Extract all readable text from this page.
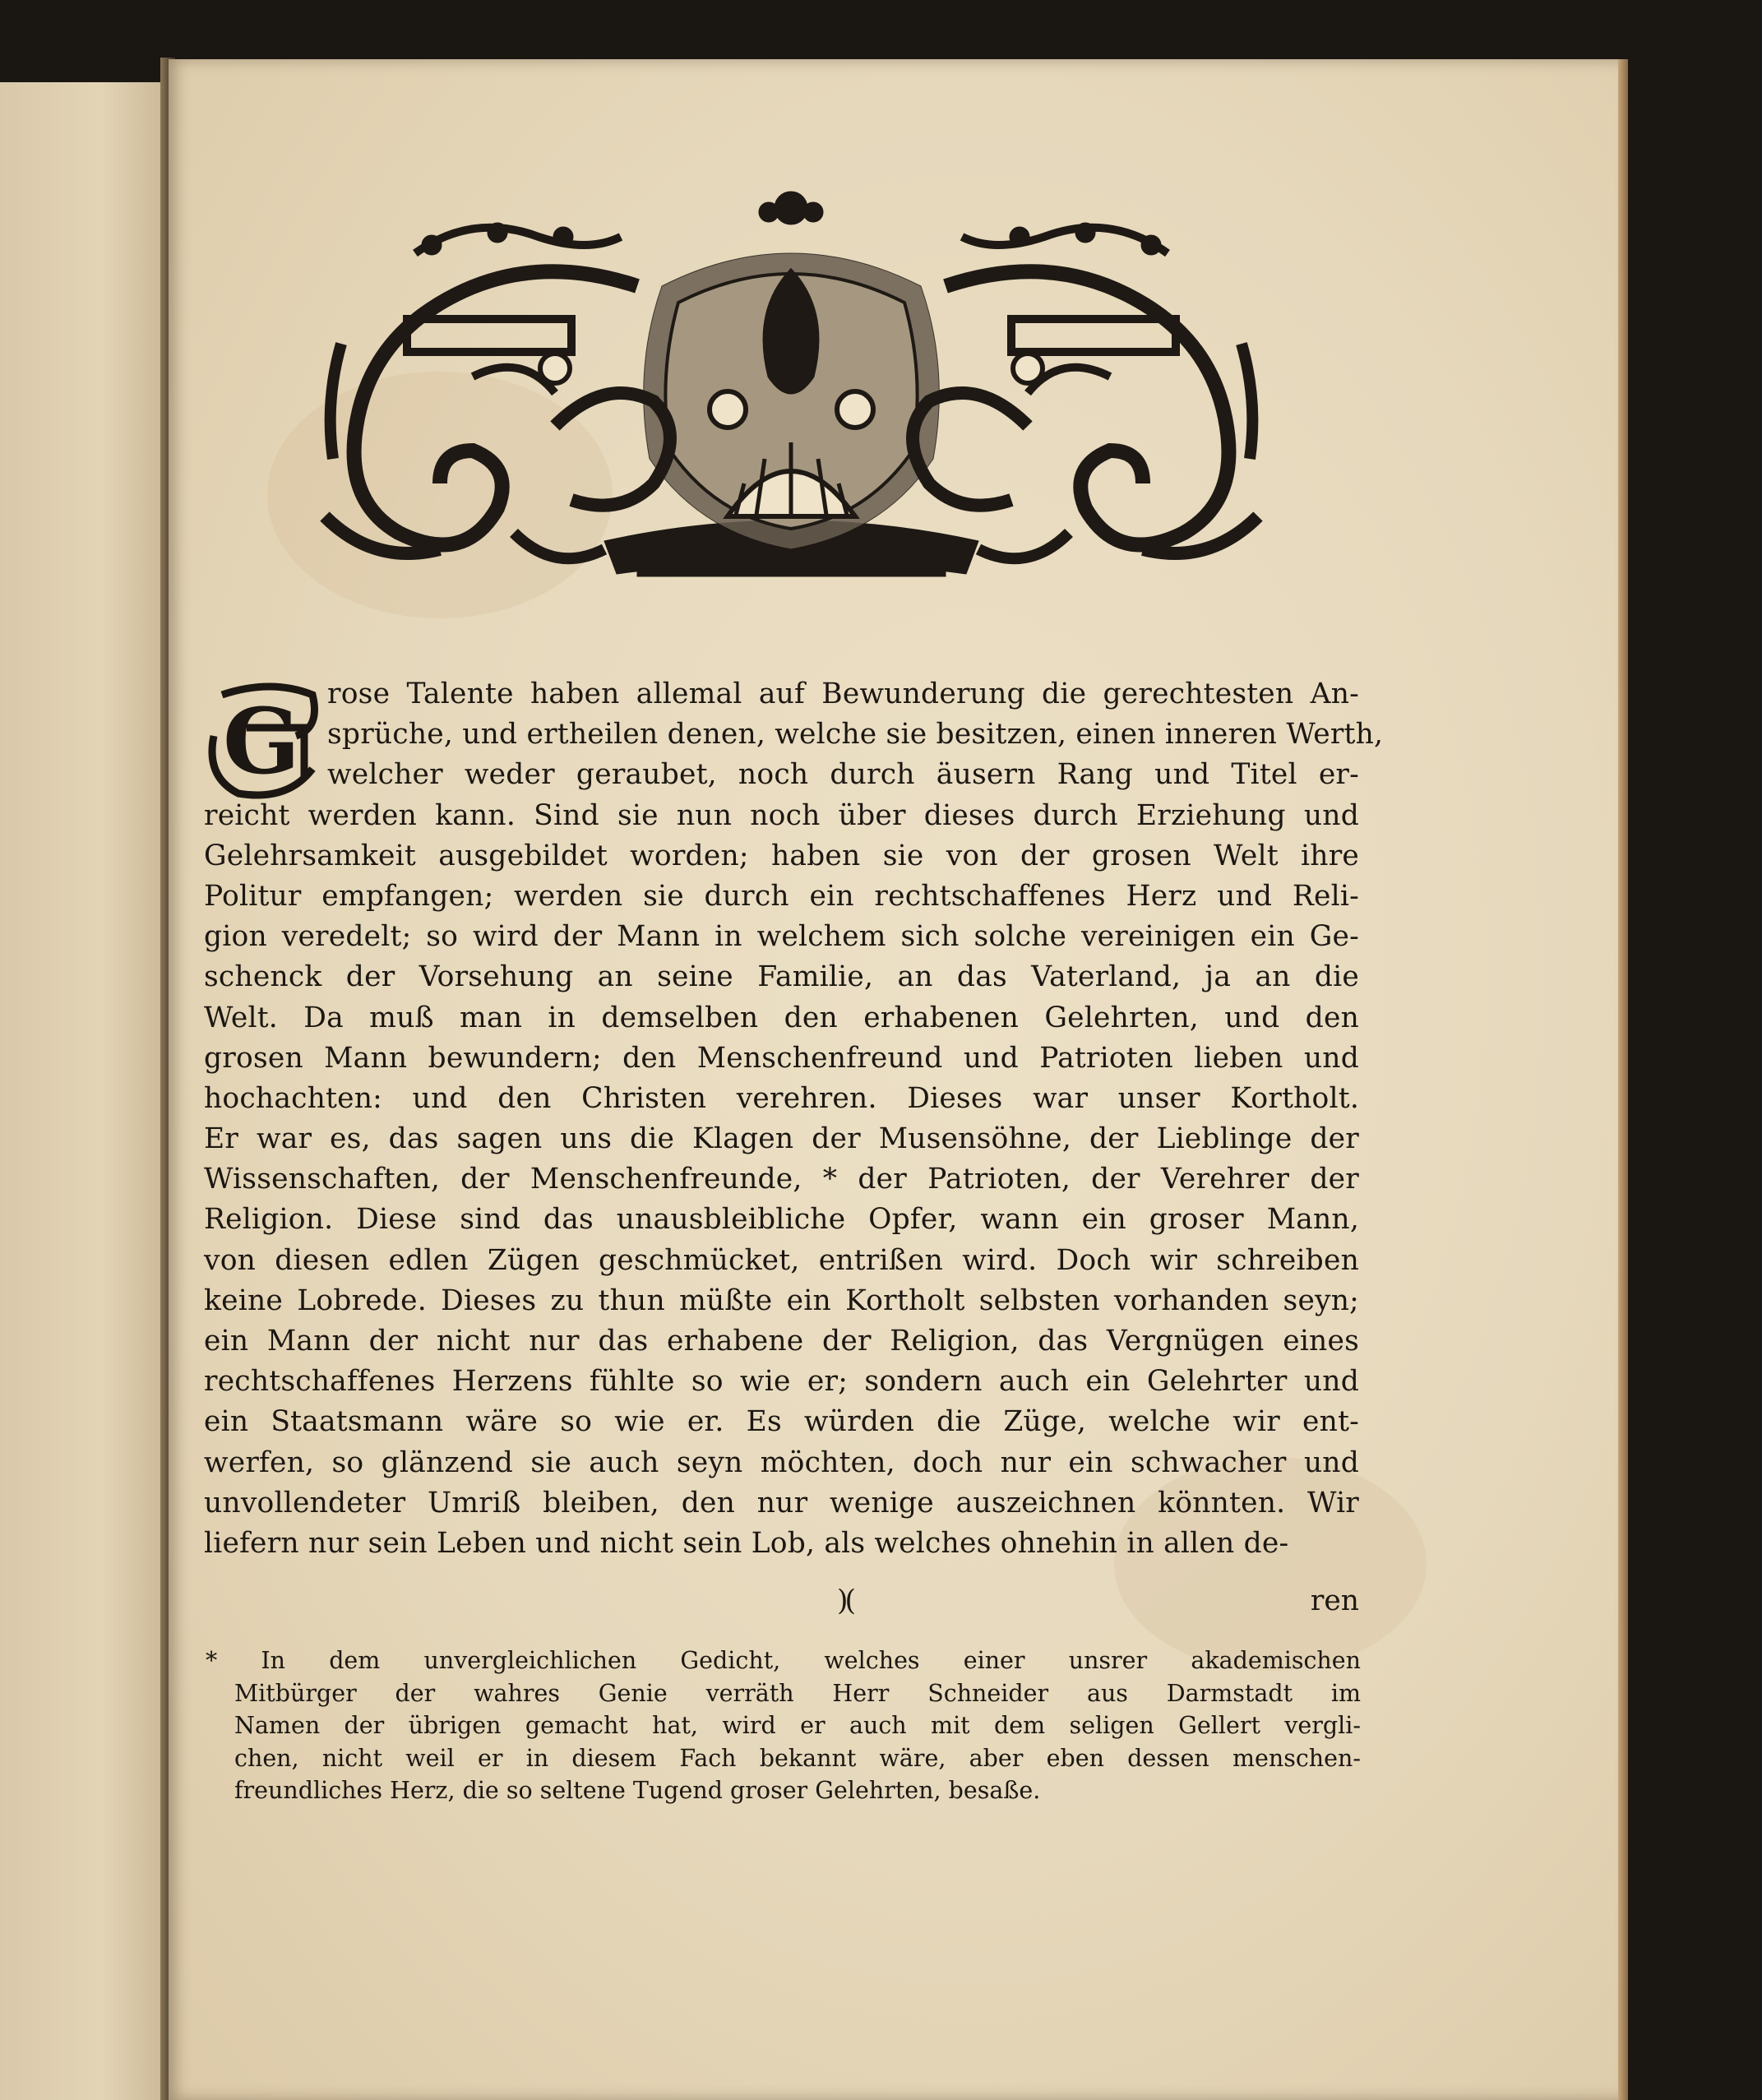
G rose Talente haben allemal auf Bewunderung die gerechtesten An-
sprüche, und ertheilen denen, welche sie besitzen, einen inneren Werth,
welcher weder geraubet, noch durch äusern Rang und Titel er-
reicht werden kann. Sind sie nun noch über dieses durch Erziehung und
Gelehrsamkeit ausgebildet worden; haben sie von der grosen Welt ihre
Politur empfangen; werden sie durch ein rechtschaffenes Herz und Reli-
gion veredelt; so wird der Mann in welchem sich solche vereinigen ein Ge-
schenck der Vorsehung an seine Familie, an das Vaterland, ja an die
Welt. Da muß man in demselben den erhabenen Gelehrten, und den
grosen Mann bewundern; den Menschenfreund und Patrioten lieben und
hochachten: und den Christen verehren. Dieses war unser Kortholt.
Er war es, das sagen uns die Klagen der Musensöhne, der Lieblinge der
Wissenschaften, der Menschenfreunde, * der Patrioten, der Verehrer der
Religion. Diese sind das unausbleibliche Opfer, wann ein groser Mann,
von diesen edlen Zügen geschmücket, entrißen wird. Doch wir schreiben
keine Lobrede. Dieses zu thun müßte ein Kortholt selbsten vorhanden seyn;
ein Mann der nicht nur das erhabene der Religion, das Vergnügen eines
rechtschaffenes Herzens fühlte so wie er; sondern auch ein Gelehrter und
ein Staatsmann wäre so wie er. Es würden die Züge, welche wir ent-
werfen, so glänzend sie auch seyn möchten, doch nur ein schwacher und
unvollendeter Umriß bleiben, den nur wenige auszeichnen könnten. Wir
liefern nur sein Leben und nicht sein Lob, als welches ohnehin in allen de-
)(	ren
* In dem unvergleichlichen Gedicht, welches einer unsrer akademischen
Mitbürger der wahres Genie verräth Herr Schneider aus Darmstadt im
Namen der übrigen gemacht hat, wird er auch mit dem seligen Gellert vergli-
chen, nicht weil er in diesem Fach bekannt wäre, aber eben dessen menschen-
freundliches Herz, die so seltene Tugend groser Gelehrten, besaße.
